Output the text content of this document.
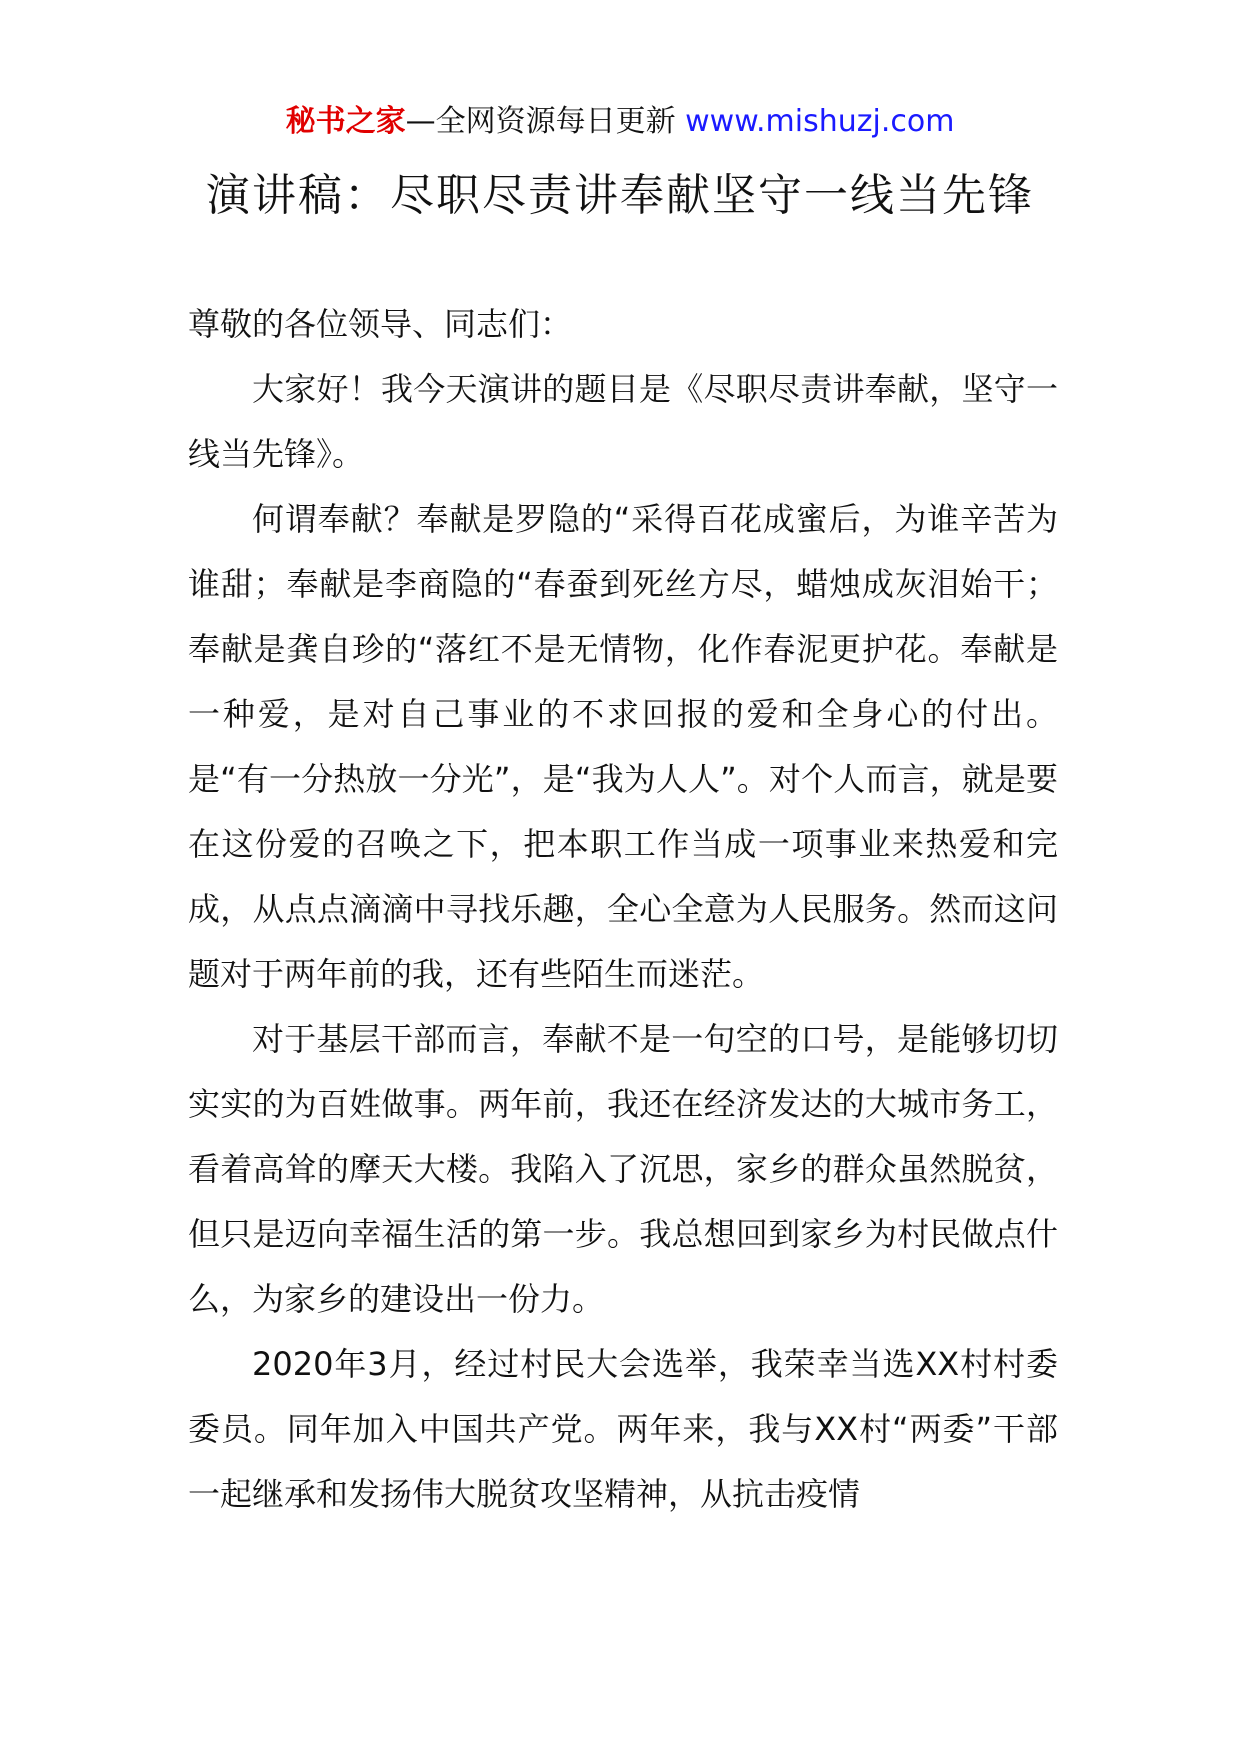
秘书之家—全网资源每日更新 www.mishuzj.com
演讲稿：尽职尽责讲奉献坚守一线当先锋

尊敬的各位领导、同志们：

大家好！我今天演讲的题目是《尽职尽责讲奉献，坚守一线当先锋》。

何谓奉献？奉献是罗隐的“采得百花成蜜后，为谁辛苦为谁甜；奉献是李商隐的“春蚕到死丝方尽，蜡烛成灰泪始干；奉献是龚自珍的“落红不是无情物，化作春泥更护花。奉献是一种爱，是对自己事业的不求回报的爱和全身心的付出。是“有一分热放一分光”，是“我为人人”。对个人而言，就是要在这份爱的召唤之下，把本职工作当成一项事业来热爱和完成，从点点滴滴中寻找乐趣，全心全意为人民服务。然而这问题对于两年前的我，还有些陌生而迷茫。

对于基层干部而言，奉献不是一句空的口号，是能够切切实实的为百姓做事。两年前，我还在经济发达的大城市务工，看着高耸的摩天大楼。我陷入了沉思，家乡的群众虽然脱贫，但只是迈向幸福生活的第一步。我总想回到家乡为村民做点什么，为家乡的建设出一份力。

2020年3月，经过村民大会选举，我荣幸当选XX村村委委员。同年加入中国共产党。两年来，我与XX村“两委”干部一起继承和发扬伟大脱贫攻坚精神，从抗击疫情
